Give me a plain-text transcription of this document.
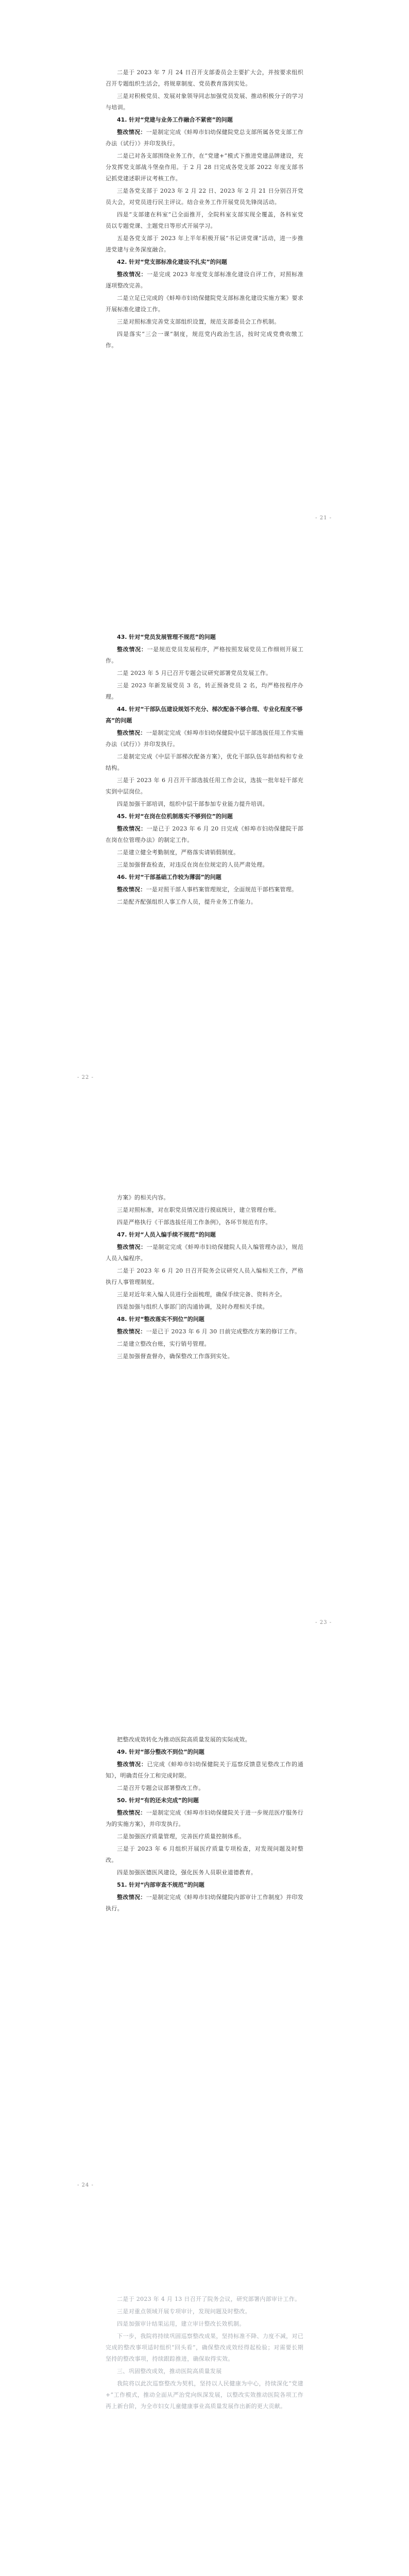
二是于 2023 年 7 月 24 日召开支部委员会主要扩大会，并按要求组织召开专题组织生活会，将规章制度、党员教育落到实处。

三是对积极党员、发展对象领导同志加强党员发展、推动积极分子的学习与培训。

41. 针对“党建与业务工作融合不紧密”的问题

整改情况：一是制定完成《蚌埠市妇幼保健院党总支部所属各党支部工作办法（试行）》并印发执行。

二是已对各支部围绕业务工作，在“党建+”模式下推进党建品牌建设，充分发挥党支部战斗堡垒作用。于 2 月 28 日完成各党支部 2022 年度支部书记抓党建述职评议考核工作。

三是各党支部于 2023 年 2 月 22 日、2023 年 2 月 21 日分别召开党员大会，对党员进行民主评议。结合业务工作开展党员先锋岗活动。

四是“支部建在科室”已全面推开，全院科室支部实现全覆盖，各科室党员以专题党课、主题党日等形式开展学习。

五是各党支部于 2023 年上半年积极开展“书记讲党课”活动，进一步推进党建与业务深度融合。

42. 针对“党支部标准化建设不扎实”的问题

整改情况：一是完成 2023 年度党支部标准化建设自评工作，对照标准逐项整改完善。

二是立足已完成的《蚌埠市妇幼保健院党支部标准化建设实施方案》要求开展标准化建设工作。

三是对照标准完善党支部组织设置，规范支部委员会工作机制。

四是落实“三会一课”制度，规范党内政治生活，按时完成党费收缴工作。

- 21 -

43. 针对“党员发展管理不规范”的问题

整改情况：一是规范党员发展程序，严格按照发展党员工作细则开展工作。

二是 2023 年 5 月已召开专题会议研究部署党员发展工作。

三是 2023 年新发展党员 3 名，转正预备党员 2 名，均严格按程序办理。

44. 针对“干部队伍建设规划不充分、梯次配备不够合理、专业化程度不够高”的问题

整改情况：一是制定完成《蚌埠市妇幼保健院中层干部选拔任用工作实施办法（试行）》并印发执行。

二是制定完成《中层干部梯次配备方案》，优化干部队伍年龄结构和专业结构。

三是于 2023 年 6 月召开干部选拔任用工作会议，选拔一批年轻干部充实到中层岗位。

四是加强干部培训，组织中层干部参加专业能力提升培训。

45. 针对“在岗在位机制落实不够到位”的问题

整改情况：一是已于 2023 年 6 月 20 日完成《蚌埠市妇幼保健院干部在岗在位管理办法》的制定工作。

二是建立健全考勤制度，严格落实请销假制度。

三是加强督查检查，对违反在岗在位规定的人员严肃处理。

46. 针对“干部基础工作较为薄弱”的问题

整改情况：一是对照干部人事档案管理规定，全面规范干部档案管理。

二是配齐配强组织人事工作人员，提升业务工作能力。

- 22 -

方案》的相关内容。

三是对照标准，对在职党员情况进行摸底统计，建立管理台账。

四是严格执行《干部选拔任用工作条例》，各环节规范有序。

47. 针对“人员入编手续不规范”的问题

整改情况：一是制定完成《蚌埠市妇幼保健院人员入编管理办法》，规范人员入编程序。

二是于 2023 年 6 月 20 日召开院务会议研究人员入编相关工作，严格执行人事管理制度。

三是对近年来入编人员进行全面梳理，确保手续完备、资料齐全。

四是加强与组织人事部门的沟通协调，及时办理相关手续。

48. 针对“整改落实不到位”的问题

整改情况：一是已于 2023 年 6 月 30 日前完成整改方案的修订工作。

二是建立整改台账，实行销号管理。

三是加强督查督办，确保整改工作落到实处。

- 23 -

把整改成效转化为推动医院高质量发展的实际成效。

49. 针对“部分整改不到位”的问题

整改情况：已完成《蚌埠市妇幼保健院关于巡察反馈意见整改工作的通知》，明确责任分工和完成时限。

二是召开专题会议部署整改工作。

50. 针对“有的还未完成”的问题

整改情况：一是制定完成《蚌埠市妇幼保健院关于进一步规范医疗服务行为的实施方案》，并印发执行。

二是加强医疗质量管理，完善医疗质量控制体系。

三是于 2023 年 6 月组织开展医疗质量专项检查，对发现问题及时整改。

四是加强医德医风建设，强化医务人员职业道德教育。

51. 针对“内部审查不规范”的问题

整改情况：一是制定完成《蚌埠市妇幼保健院内部审计工作制度》并印发执行。

- 24 -

二是于 2023 年 4 月 13 日召开了院务会议，研究部署内部审计工作。

三是对重点领域开展专项审计，发现问题及时整改。

四是加强审计结果运用，建立审计整改长效机制。

下一步，我院将持续巩固巡察整改成果，坚持标准不降、力度不减，对已完成的整改事项适时组织“回头看”，确保整改成效经得起检验；对需要长期坚持的整改事项，持续跟踪推进，确保取得实效。

三、巩固整改成效，推动医院高质量发展

我院将以此次巡察整改为契机，坚持以人民健康为中心，持续深化“党建+”工作模式，推动全面从严治党向纵深发展，以整改实效推动医院各项工作再上新台阶，为全市妇女儿童健康事业高质量发展作出新的更大贡献。
